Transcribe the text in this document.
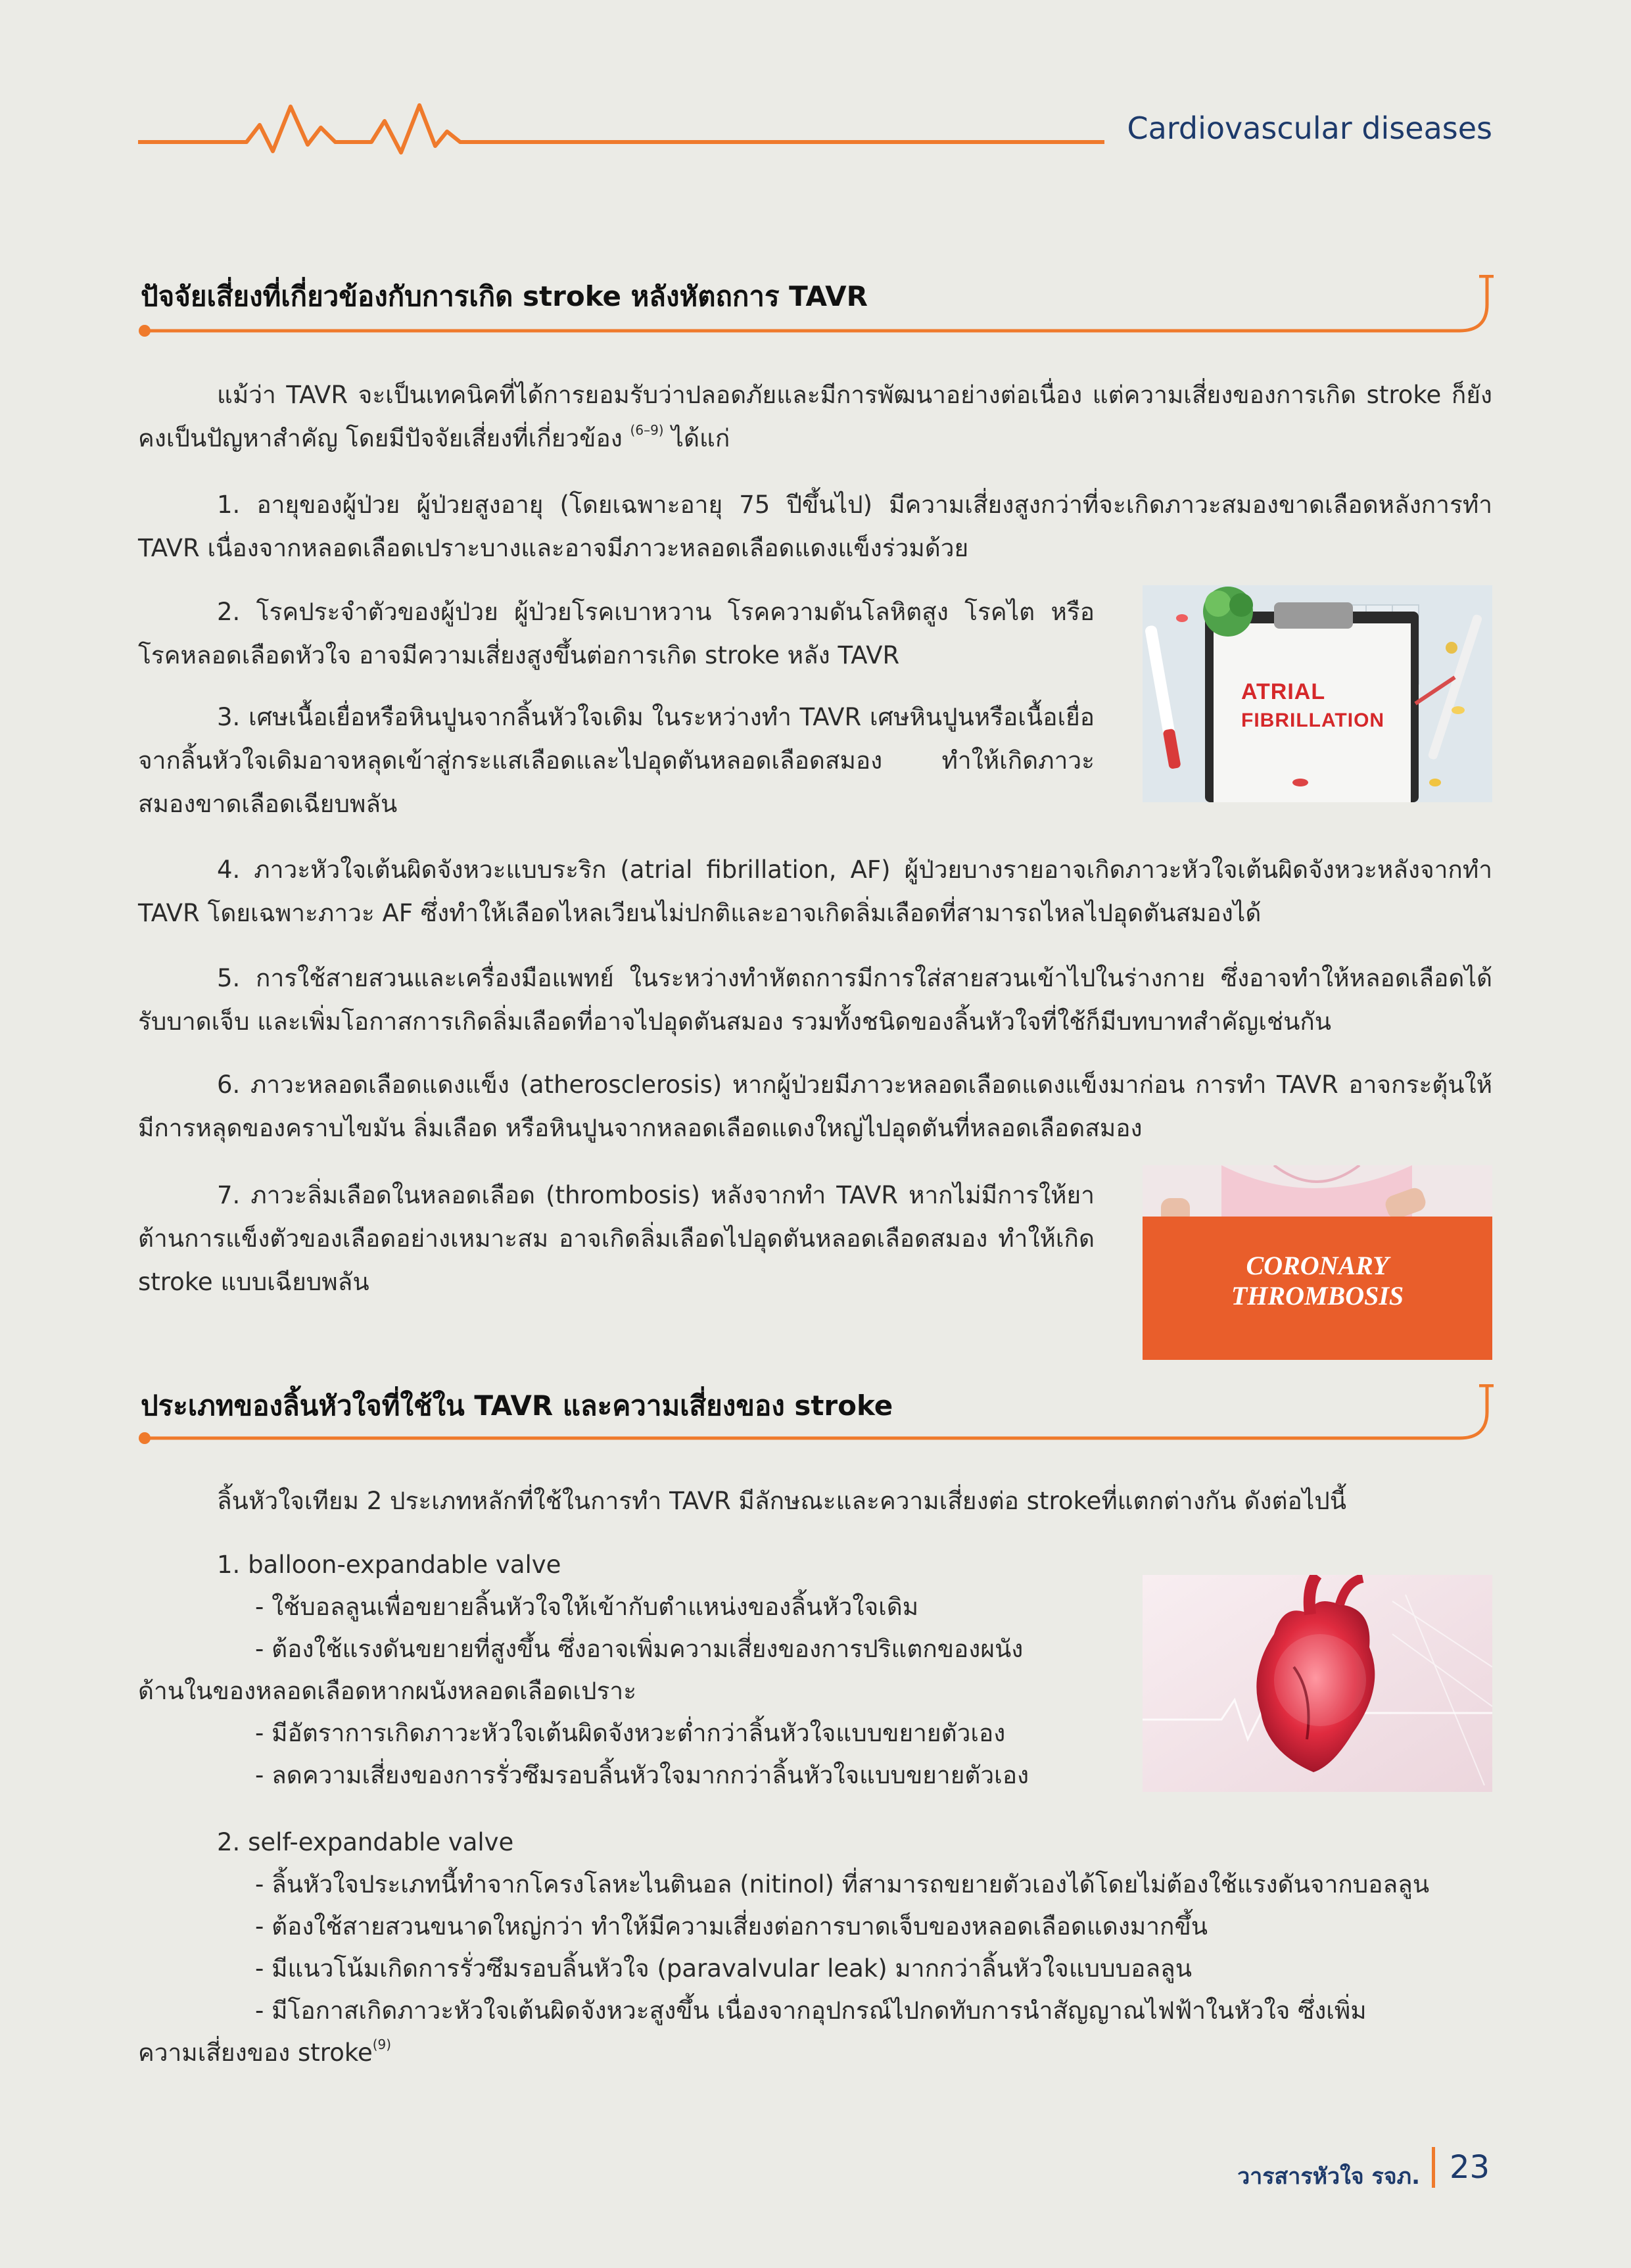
Cardiovascular diseases
ปัจจัยเสี่ยงที่เกี่ยวข้องกับการเกิด stroke หลังหัตถการ TAVR
แม้ว่า TAVR จะเป็นเทคนิคที่ได้การยอมรับว่าปลอดภัยและมีการพัฒนาอย่างต่อเนื่อง แต่ความเสี่ยงของการเกิด stroke ก็ยังคงเป็นปัญหาสำคัญ โดยมีปัจจัยเสี่ยงที่เกี่ยวข้อง $^{(6-9)}$ ได้แก่
1. อายุของผู้ป่วย ผู้ป่วยสูงอายุ (โดยเฉพาะอายุ 75 ปีขึ้นไป) มีความเสี่ยงสูงกว่าที่จะเกิดภาวะสมองขาดเลือดหลังการทำ TAVR เนื่องจากหลอดเลือดเปราะบางและอาจมีภาวะหลอดเลือดแดงแข็งร่วมด้วย
2. โรคประจำตัวของผู้ป่วย ผู้ป่วยโรคเบาหวาน โรคความดันโลหิตสูง โรคไต หรือโรคหลอดเลือดหัวใจ อาจมีความเสี่ยงสูงขึ้นต่อการเกิด stroke หลัง TAVR
3. เศษเนื้อเยื่อหรือหินปูนจากลิ้นหัวใจเดิม ในระหว่างทำ TAVR เศษหินปูนหรือเนื้อเยื่อจากลิ้นหัวใจเดิมอาจหลุดเข้าสู่กระแสเลือดและไปอุดตันหลอดเลือดสมอง ทำให้เกิดภาวะสมองขาดเลือดเฉียบพลัน
4. ภาวะหัวใจเต้นผิดจังหวะแบบระริก (atrial fibrillation, AF) ผู้ป่วยบางรายอาจเกิดภาวะหัวใจเต้นผิดจังหวะหลังจากทำ TAVR โดยเฉพาะภาวะ AF ซึ่งทำให้เลือดไหลเวียนไม่ปกติและอาจเกิดลิ่มเลือดที่สามารถไหลไปอุดตันสมองได้
5. การใช้สายสวนและเครื่องมือแพทย์ ในระหว่างทำหัตถการมีการใส่สายสวนเข้าไปในร่างกาย ซึ่งอาจทำให้หลอดเลือดได้รับบาดเจ็บ และเพิ่มโอกาสการเกิดลิ่มเลือดที่อาจไปอุดตันสมอง รวมทั้งชนิดของลิ้นหัวใจที่ใช้ก็มีบทบาทสำคัญเช่นกัน
6. ภาวะหลอดเลือดแดงแข็ง (atherosclerosis) หากผู้ป่วยมีภาวะหลอดเลือดแดงแข็งมาก่อน การทำ TAVR อาจกระตุ้นให้มีการหลุดของคราบไขมัน ลิ่มเลือด หรือหินปูนจากหลอดเลือดแดงใหญ่ไปอุดตันที่หลอดเลือดสมอง
7. ภาวะลิ่มเลือดในหลอดเลือด (thrombosis) หลังจากทำ TAVR หากไม่มีการให้ยาต้านการแข็งตัวของเลือดอย่างเหมาะสม อาจเกิดลิ่มเลือดไปอุดตันหลอดเลือดสมอง ทำให้เกิด stroke แบบเฉียบพลัน
ATRIAL
FIBRILLATION
CORONARY
THROMBOSIS
ประเภทของลิ้นหัวใจที่ใช้ใน TAVR และความเสี่ยงของ stroke
ลิ้นหัวใจเทียม 2 ประเภทหลักที่ใช้ในการทำ TAVR มีลักษณะและความเสี่ยงต่อ strokeที่แตกต่างกัน ดังต่อไปนี้
1. balloon-expandable valve
- ใช้บอลลูนเพื่อขยายลิ้นหัวใจให้เข้ากับตำแหน่งของลิ้นหัวใจเดิม
- ต้องใช้แรงดันขยายที่สูงขึ้น ซึ่งอาจเพิ่มความเสี่ยงของการปริแตกของผนัง
ด้านในของหลอดเลือดหากผนังหลอดเลือดเปราะ
- มีอัตราการเกิดภาวะหัวใจเต้นผิดจังหวะต่ำกว่าลิ้นหัวใจแบบขยายตัวเอง
- ลดความเสี่ยงของการรั่วซึมรอบลิ้นหัวใจมากกว่าลิ้นหัวใจแบบขยายตัวเอง
2. self-expandable valve
- ลิ้นหัวใจประเภทนี้ทำจากโครงโลหะไนตินอล (nitinol) ที่สามารถขยายตัวเองได้โดยไม่ต้องใช้แรงดันจากบอลลูน
- ต้องใช้สายสวนขนาดใหญ่กว่า ทำให้มีความเสี่ยงต่อการบาดเจ็บของหลอดเลือดแดงมากขึ้น
- มีแนวโน้มเกิดการรั่วซึมรอบลิ้นหัวใจ (paravalvular leak) มากกว่าลิ้นหัวใจแบบบอลลูน
- มีโอกาสเกิดภาวะหัวใจเต้นผิดจังหวะสูงขึ้น เนื่องจากอุปกรณ์ไปกดทับการนำสัญญาณไฟฟ้าในหัวใจ ซึ่งเพิ่ม
ความเสี่ยงของ stroke$^{(9)}$
วารสารหัวใจ รจภ. 23
